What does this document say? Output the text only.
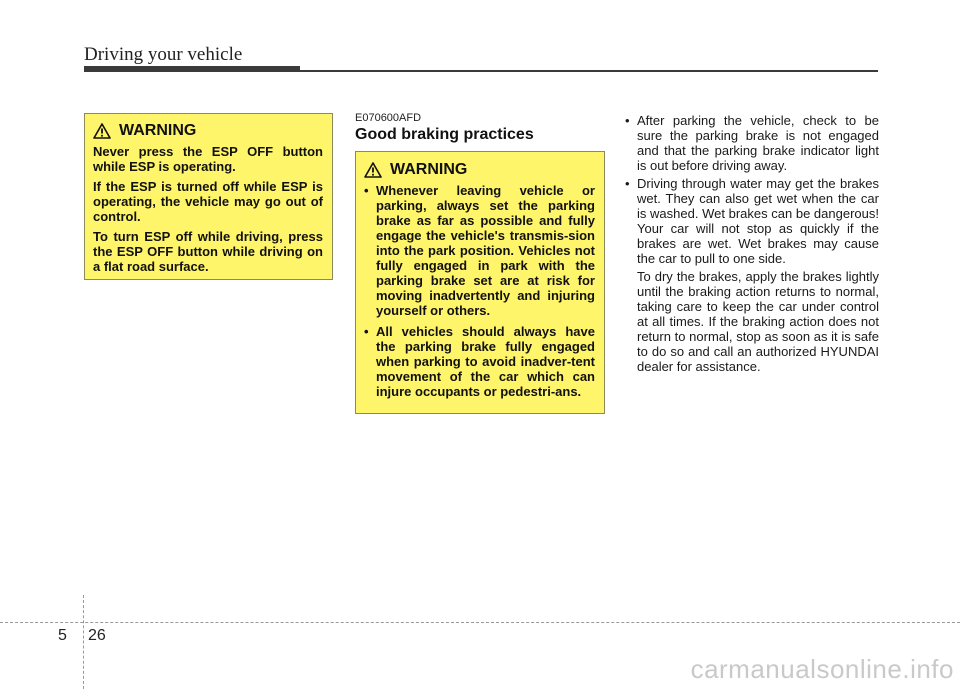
Driving your vehicle
WARNING

Never press the ESP OFF button while ESP is operating.

If the ESP is turned off while ESP is operating, the vehicle may go out of control.

To turn ESP off while driving, press the ESP OFF button while driving on a flat road surface.

E070600AFD
Good braking practices
WARNING
• Whenever leaving vehicle or parking, always set the parking brake as far as possible and fully engage the vehicle's transmis-sion into the park position. Vehicles not fully engaged in park with the parking brake set are at risk for moving inadvertently and injuring yourself or others.
• All vehicles should always have the parking brake fully engaged when parking to avoid inadver-tent movement of the car which can injure occupants or pedestri-ans.
• After parking the vehicle, check to be sure the parking brake is not engaged and that the parking brake indicator light is out before driving away.
• Driving through water may get the brakes wet. They can also get wet when the car is washed. Wet brakes can be dangerous! Your car will not stop as quickly if the brakes are wet. Wet brakes may cause the car to pull to one side.

To dry the brakes, apply the brakes lightly until the braking action returns to normal, taking care to keep the car under control at all times. If the braking action does not return to normal, stop as soon as it is safe to do so and call an authorized HYUNDAI dealer for assistance.

5 26
carmanualsonline.info
